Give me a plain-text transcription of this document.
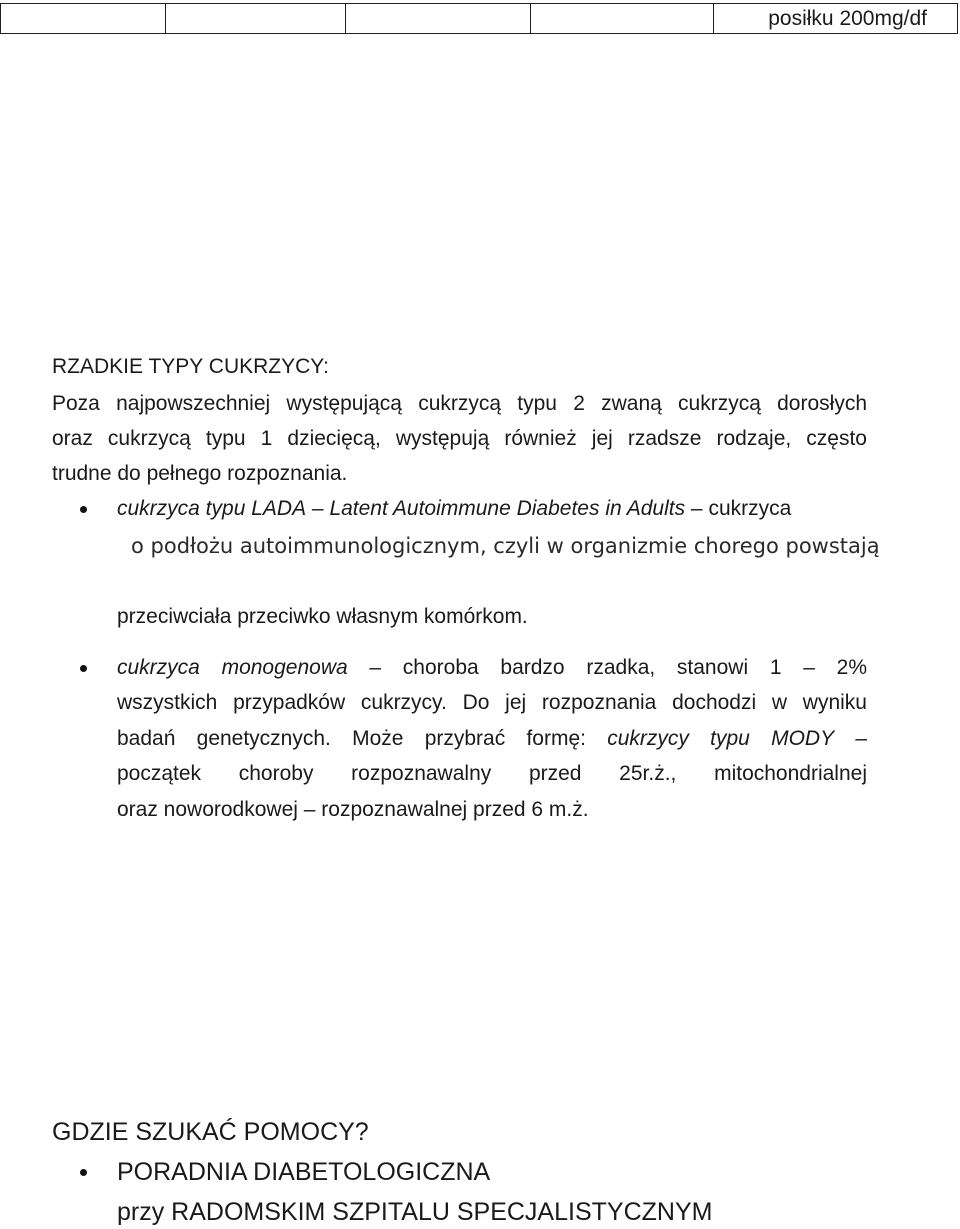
				posiłku 200mg/df
RZADKIE TYPY CUKRZYCY:
Poza najpowszechniej występującą cukrzycą typu 2 zwaną cukrzycą dorosłych
oraz cukrzycą typu 1 dziecięcą, występują również jej rzadsze rodzaje, często
trudne do pełnego rozpoznania.
cukrzyca typu LADA – Latent Autoimmune Diabetes in Adults – cukrzyca
o podłożu autoimmunologicznym, czyli w organizmie chorego powstają
przeciwciała przeciwko własnym komórkom.
cukrzyca monogenowa – choroba bardzo rzadka, stanowi 1 – 2%
wszystkich przypadków cukrzycy. Do jej rozpoznania dochodzi w wyniku
badań genetycznych. Może przybrać formę: cukrzycy typu MODY –
początek choroby rozpoznawalny przed 25r.ż., mitochondrialnej
oraz noworodkowej – rozpoznawalnej przed 6 m.ż.
GDZIE SZUKAĆ POMOCY?
PORADNIA DIABETOLOGICZNA
przy RADOMSKIM SZPITALU SPECJALISTYCZNYM
